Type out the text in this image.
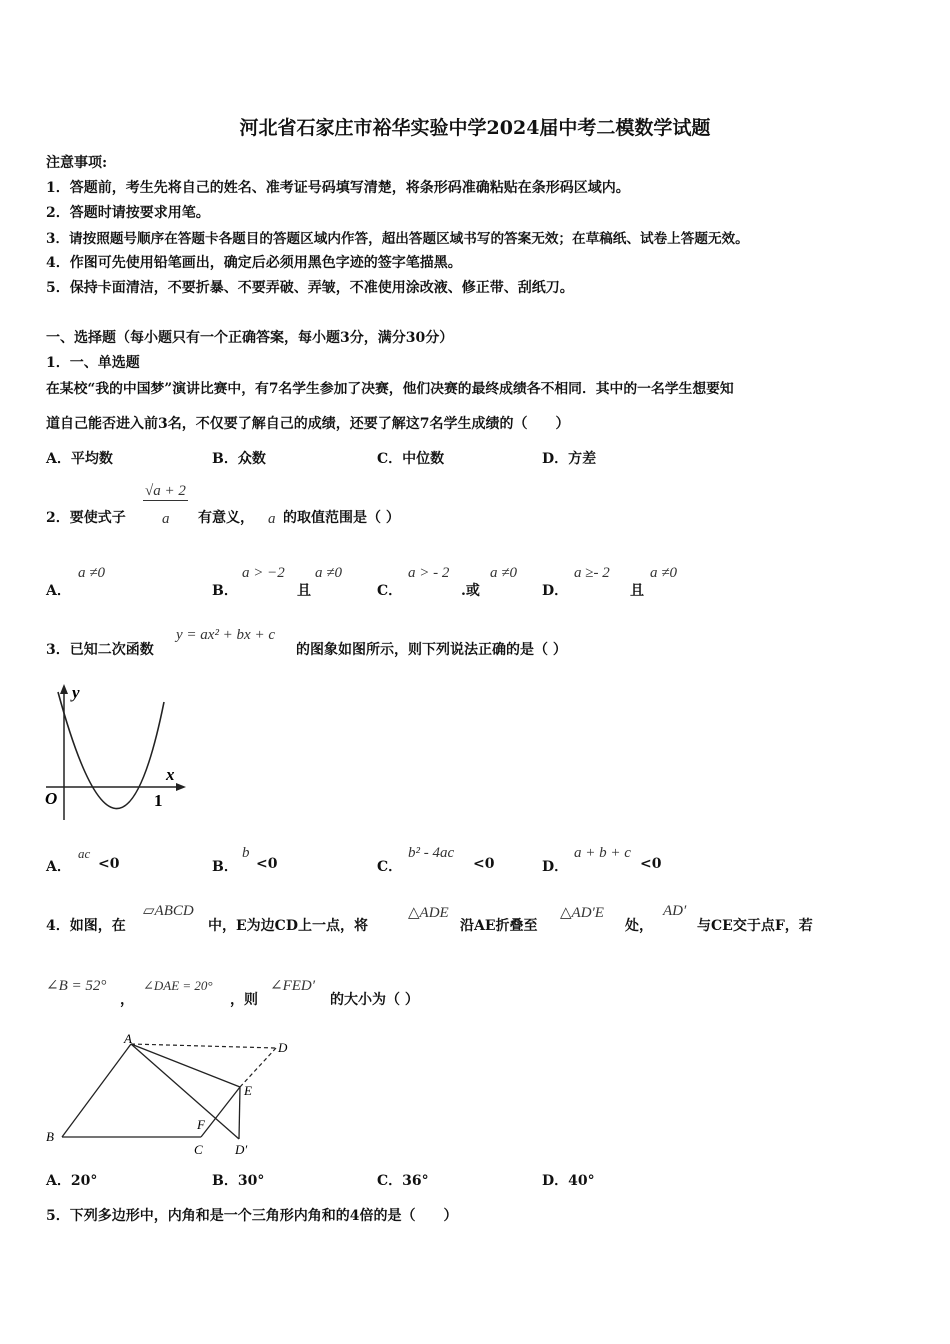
河北省石家庄市裕华实验中学2024届中考二模数学试题
注意事项:
1．答题前，考生先将自己的姓名、准考证号码填写清楚，将条形码准确粘贴在条形码区域内。
2．答题时请按要求用笔。
3．请按照题号顺序在答题卡各题目的答题区域内作答，超出答题区域书写的答案无效；在草稿纸、试卷上答题无效。
4．作图可先使用铅笔画出，确定后必须用黑色字迹的签字笔描黑。
5．保持卡面清洁，不要折暴、不要弄破、弄皱，不准使用涂改液、修正带、刮纸刀。
一、选择题（每小题只有一个正确答案，每小题3分，满分30分）
1．一、单选题
在某校“我的中国梦”演讲比赛中，有7名学生参加了决赛，他们决赛的最终成绩各不相同．其中的一名学生想要知
道自己能否进入前3名，不仅要了解自己的成绩，还要了解这7名学生成绩的（　　）
A．平均数	B．众数	C．中位数	D．方差
2．要使式子
√a + 2
a 有意义， a 的取值范围是（ ）
A．
a ≠0
B．
a > −2
且
a ≠0
C．
a > - 2
.或
a ≠0
D．
a ≥- 2
且
a ≠0
3．已知二次函数
y = ax² + bx + c
的图象如图所示，则下列说法正确的是（ ）
y
x
O	1
A．
ac
<0	B．
b
<0	C．
b² - 4ac
<0	D．
a + b + c
<0
4．如图，在
▱ABCD
中，E为边CD上一点，将
△ADE
沿AE折叠至
△AD′E
处，
AD′
与CE交于点F，若
∠B = 52°
，
∠DAE = 20°
，则
∠FED′
的大小为（ ）
A
B
C
D
E
F
D′
A．20°	B．30°	C．36°	D．40°
5．下列多边形中，内角和是一个三角形内角和的4倍的是（　　）
